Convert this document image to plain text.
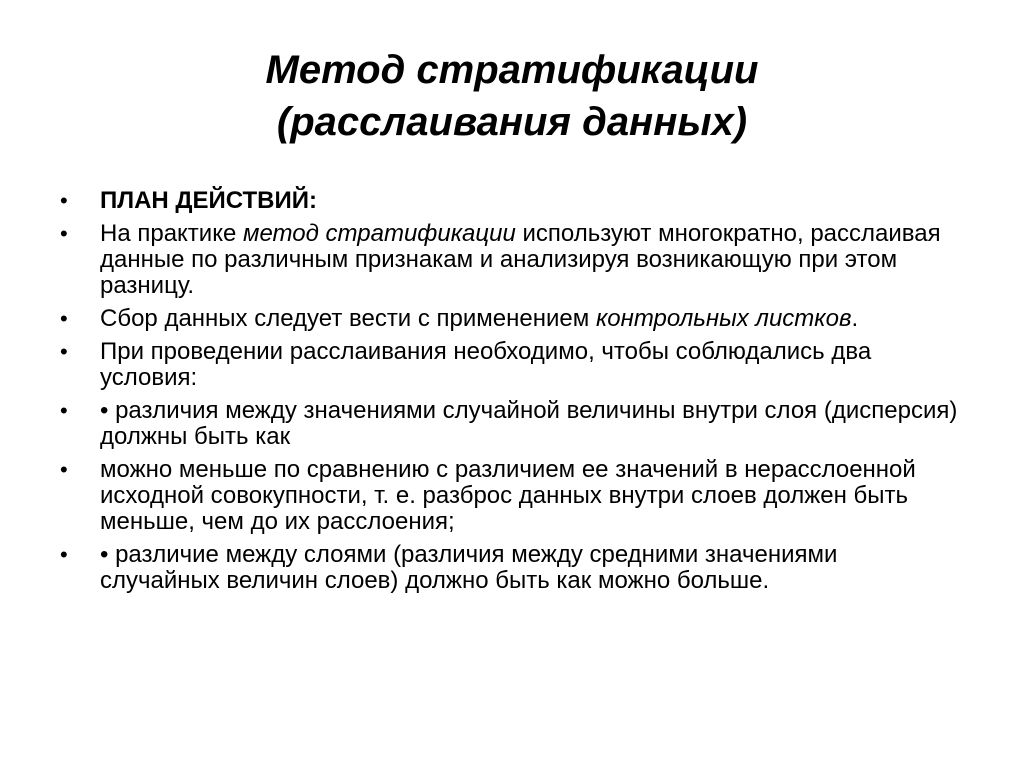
Метод стратификации
(расслаивания данных)
• ПЛАН ДЕЙСТВИЙ:
• На практике метод стратификации используют многократно, расслаивая данные по различным признакам и анализируя возникающую при этом разницу.
• Сбор данных следует вести с применением контрольных листков.
• При проведении расслаивания необходимо, чтобы соблюдались два условия:
• • различия между значениями случайной величины внутри слоя (дисперсия) должны быть как
• можно меньше по сравнению с различием ее значений в нерасслоенной исходной совокупности, т. е. разброс данных внутри слоев должен быть меньше, чем до их расслоения;
• • различие между слоями (различия между средними значениями случайных величин слоев) должно быть как можно больше.
